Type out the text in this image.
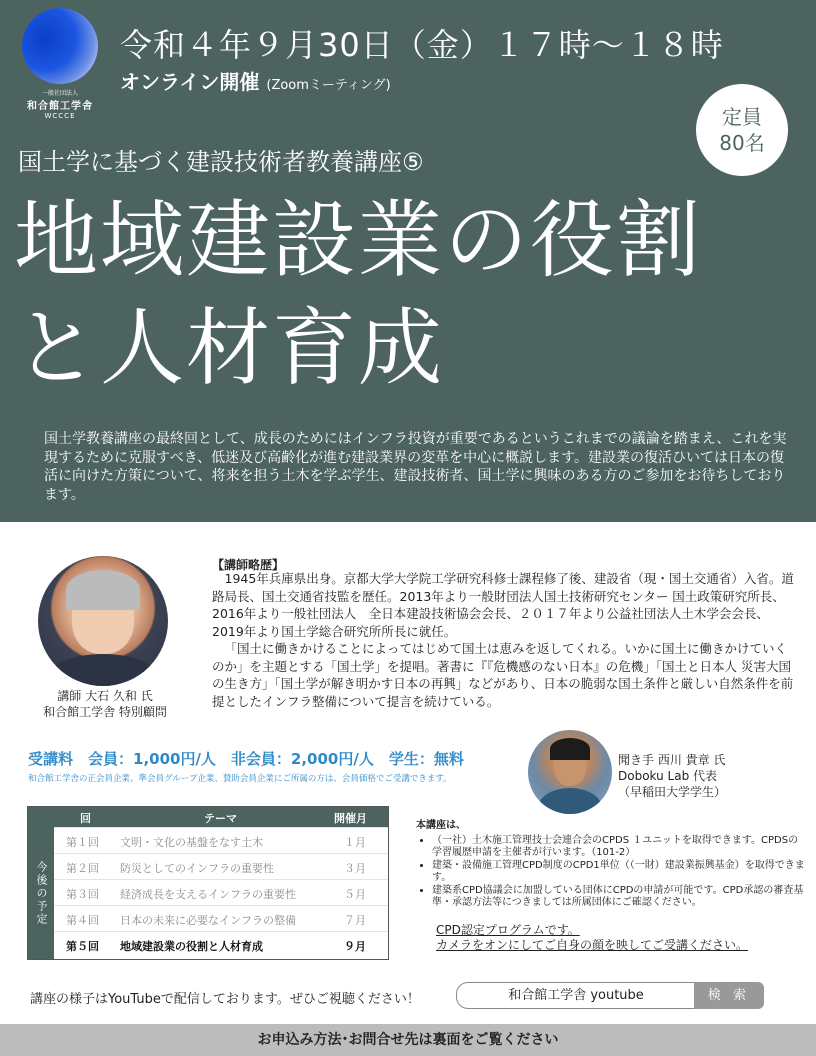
一般社団法人
和合館工学舎
WCCCE
令和４年９月30日（金）１７時～１８時
オンライン開催 (Zoomミーティング)
定員
80名
国土学に基づく建設技術者教養講座⑤
地域建設業の役割
と人材育成
国土学教養講座の最終回として、成長のためにはインフラ投資が重要であるというこれまでの議論を踏まえ、これを実現するために克服すべき、低迷及び高齢化が進む建設業界の変革を中心に概説します。建設業の復活ひいては日本の復活に向けた方策について、将来を担う土木を学ぶ学生、建設技術者、国土学に興味のある方のご参加をお待ちしております。
講師 大石 久和 氏
和合館工学舎 特別顧問
【講師略歴】

1945年兵庫県出身。京都大学大学院工学研究科修士課程修了後、建設省（現・国土交通省）入省。道路局長、国土交通省技監を歴任。2013年より一般財団法人国土技術研究センター 国土政策研究所長、2016年より一般社団法人　全日本建設技術協会会長、２０１７年より公益社団法人土木学会会長、2019年より国土学総合研究所所長に就任。

「国土に働きかけることによってはじめて国土は恵みを返してくれる。いかに国土に働きかけていくのか」を主題とする「国土学」を提唱。著書に『『危機感のない日本』の危機」「国土と日本人 災害大国の生き方」「国土学が解き明かす日本の再興」などがあり、日本の脆弱な国土条件と厳しい自然条件を前提としたインフラ整備について提言を続けている。

受講料　会員：1,000円/人　非会員：2,000円/人　学生：無料
和合館工学舎の正会員企業、準会員グループ企業、賛助会員企業にご所属の方は、会員価格でご受講できます。
聞き手 西川 貴章 氏
Doboku Lab 代表
（早稲田大学学生）
回	テーマ	開催月
今後の予定
第１回 文明・文化の基盤をなす土木	１月
第２回 防災としてのインフラの重要性	３月
第３回 経済成長を支えるインフラの重要性	５月
第４回 日本の未来に必要なインフラの整備	７月
第５回 地域建設業の役割と人材育成	９月
本講座は、
• （一社）土木施工管理技士会連合会のCPDS １ユニットを取得できます。CPDSの学習履歴申請を主催者が行います。（101-2）
• 建築・設備施工管理CPD制度のCPD1単位（（一財）建設業振興基金）を取得できます。
• 建築系CPD協議会に加盟している団体にCPDの申請が可能です。CPD承認の審査基準・承認方法等につきましては所属団体にご確認ください。
CPD認定プログラムです。
カメラをオンにしてご自身の顔を映してご受講ください。
講座の様子はYouTubeで配信しております。ぜひご視聴ください！	和合館工学舎 youtube	検 索
お申込み方法･お問合せ先は裏面をご覧ください
